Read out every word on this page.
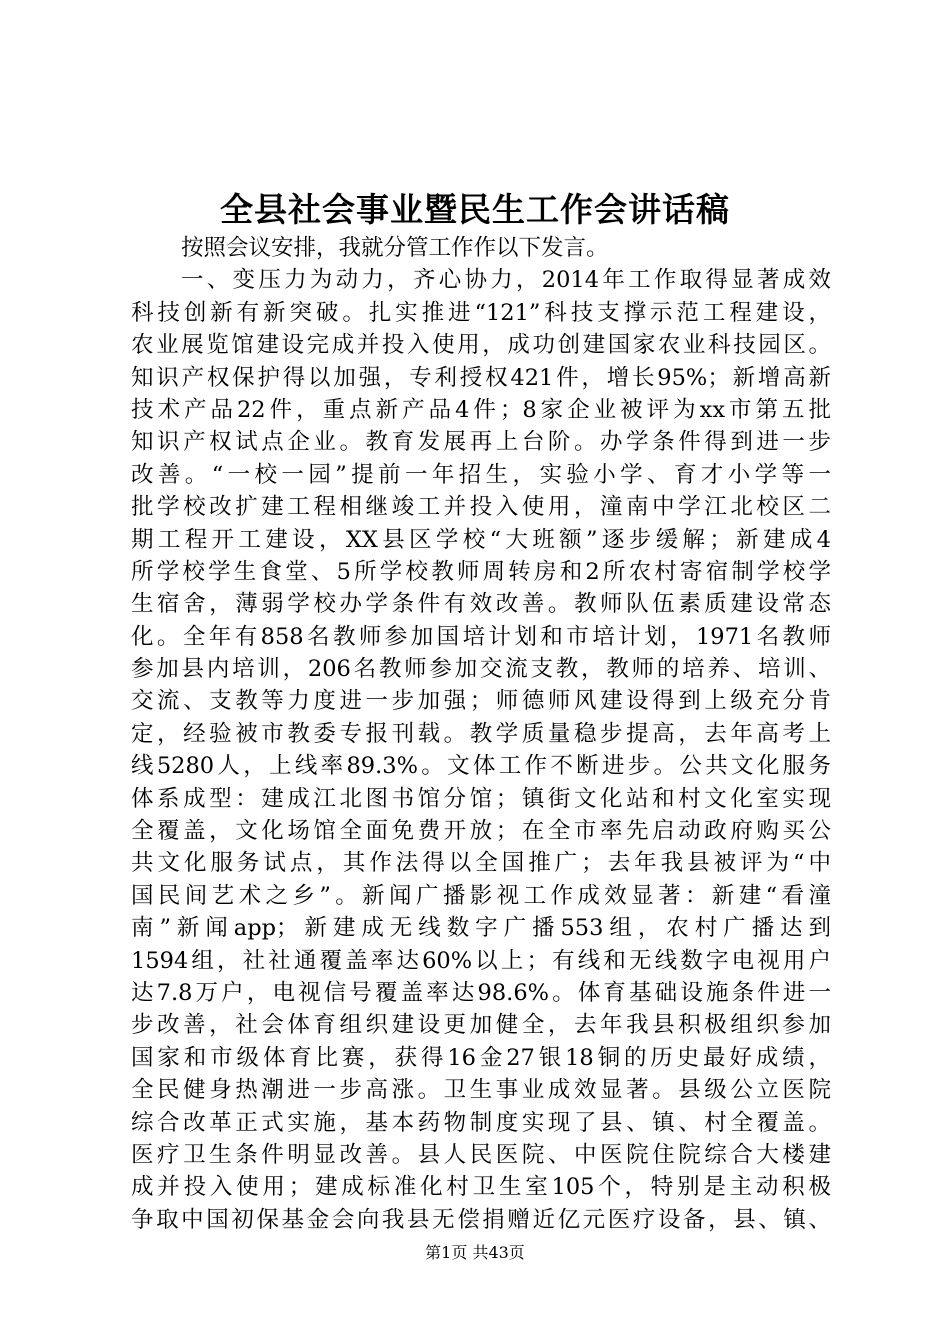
全县社会事业暨民生工作会讲话稿
按照会议安排，我就分管工作作以下发言。
一、变压力为动力，齐心协力，2014年工作取得显著成效
科技创新有新突破。扎实推进“121”科技支撑示范工程建设，
农业展览馆建设完成并投入使用，成功创建国家农业科技园区。
知识产权保护得以加强，专利授权421件，增长95%；新增高新
技术产品22件，重点新产品4件；8家企业被评为xx市第五批
知识产权试点企业。教育发展再上台阶。办学条件得到进一步
改善。“一校一园”提前一年招生，实验小学、育才小学等一
批学校改扩建工程相继竣工并投入使用，潼南中学江北校区二
期工程开工建设，XX县区学校“大班额”逐步缓解；新建成4
所学校学生食堂、5所学校教师周转房和2所农村寄宿制学校学
生宿舍，薄弱学校办学条件有效改善。教师队伍素质建设常态
化。全年有858名教师参加国培计划和市培计划，1971名教师
参加县内培训，206名教师参加交流支教，教师的培养、培训、
交流、支教等力度进一步加强；师德师风建设得到上级充分肯
定，经验被市教委专报刊载。教学质量稳步提高，去年高考上
线5280人，上线率89.3%。文体工作不断进步。公共文化服务
体系成型：建成江北图书馆分馆；镇街文化站和村文化室实现
全覆盖，文化场馆全面免费开放；在全市率先启动政府购买公
共文化服务试点，其作法得以全国推广；去年我县被评为“中
国民间艺术之乡”。新闻广播影视工作成效显著：新建“看潼
南”新闻app；新建成无线数字广播553组，农村广播达到
1594组，社社通覆盖率达60%以上；有线和无线数字电视用户
达7.8万户，电视信号覆盖率达98.6%。体育基础设施条件进一
步改善，社会体育组织建设更加健全，去年我县积极组织参加
国家和市级体育比赛，获得16金27银18铜的历史最好成绩，
全民健身热潮进一步高涨。卫生事业成效显著。县级公立医院
综合改革正式实施，基本药物制度实现了县、镇、村全覆盖。
医疗卫生条件明显改善。县人民医院、中医院住院综合大楼建
成并投入使用；建成标准化村卫生室105个，特别是主动积极
争取中国初保基金会向我县无偿捐赠近亿元医疗设备，县、镇、
第1页 共43页
